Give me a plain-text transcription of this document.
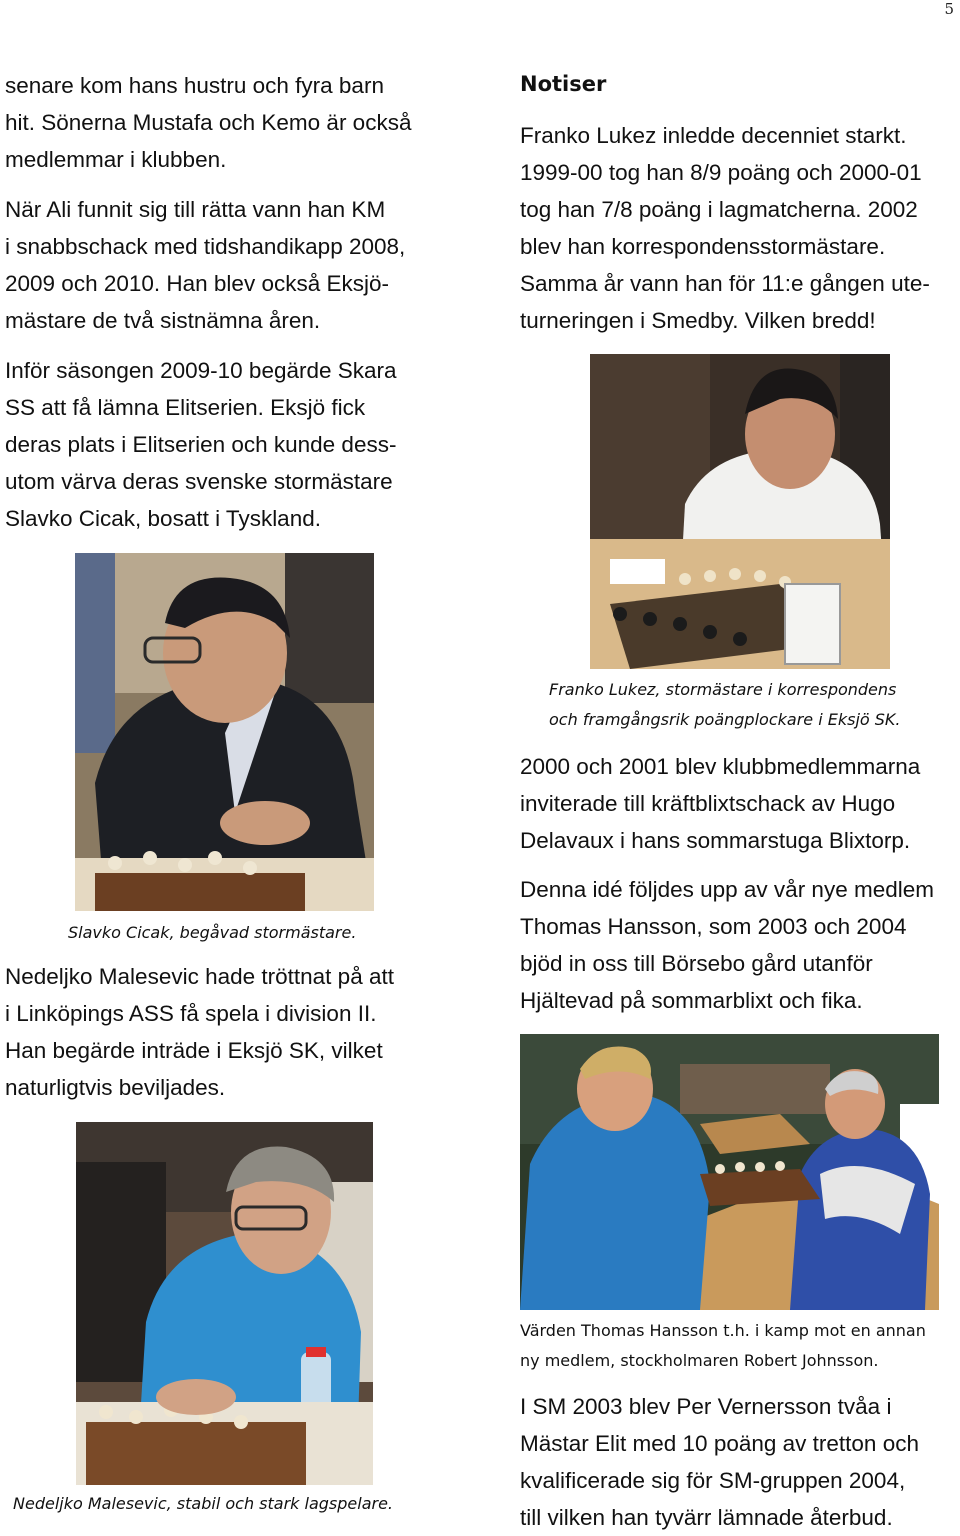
5

senare kom hans hustru och fyra barn

hit. Sönerna Mustafa och Kemo är också

medlemmar i klubben.

När Ali funnit sig till rätta vann han KM

i snabbschack med tidshandikapp 2008,

2009 och 2010. Han blev också Eksjö-

mästare de två sistnämna åren.

Inför säsongen 2009-10 begärde Skara

SS att få lämna Elitserien. Eksjö fick

deras plats i Elitserien och kunde dess-

utom värva deras svenske stormästare

Slavko Cicak, bosatt i Tyskland.

Slavko Cicak, begåvad stormästare.

Nedeljko Malesevic hade tröttnat på att

i Linköpings ASS få spela i division II.

Han begärde inträde i Eksjö SK, vilket

naturligtvis beviljades.

Nedeljko Malesevic, stabil och stark lagspelare.
Notiser

Franko Lukez inledde decenniet starkt.

1999-00 tog han 8/9 poäng och 2000-01

tog han 7/8 poäng i lagmatcherna. 2002

blev han korrespondensstormästare.

Samma år vann han för 11:e gången ute-

turneringen i Smedby. Vilken bredd!

Franko Lukez, stormästare i korrespondens
och framgångsrik poängplockare i Eksjö SK.

2000 och 2001 blev klubbmedlemmarna

inviterade till kräftblixtschack av Hugo

Delavaux i hans sommarstuga Blixtorp.

Denna idé följdes upp av vår nye medlem

Thomas Hansson, som 2003 och 2004

bjöd in oss till Börsebo gård utanför

Hjältevad på sommarblixt och fika.

Värden Thomas Hansson t.h. i kamp mot en annan
ny medlem, stockholmaren Robert Johnsson.

I SM 2003 blev Per Vernersson tvåa i

Mästar Elit med 10 poäng av tretton och

kvalificerade sig för SM-gruppen 2004,

till vilken han tyvärr lämnade återbud.
